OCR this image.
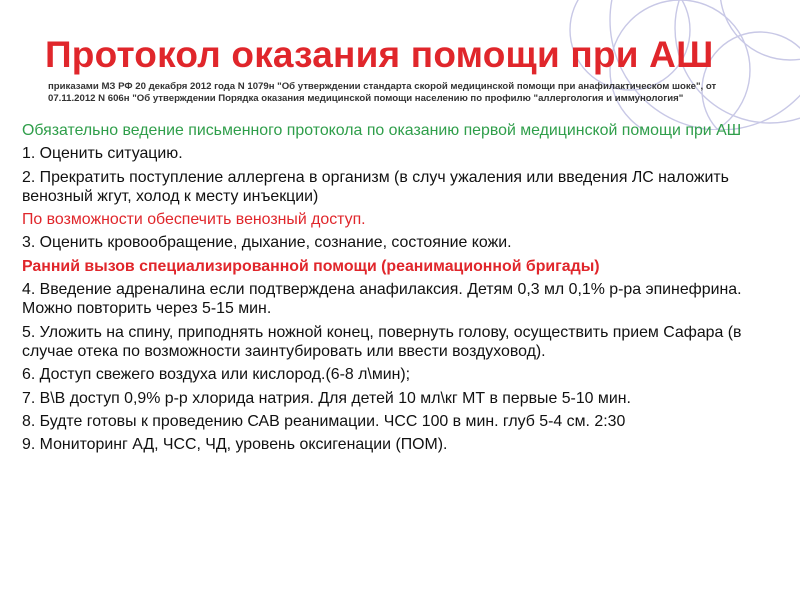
Протокол оказания помощи при АШ
приказами МЗ РФ 20 декабря 2012 года N 1079н "Об утверждении стандарта скорой медицинской помощи при анафилактическом шоке", от 07.11.2012 N 606н "Об утверждении Порядка оказания медицинской помощи населению по профилю "аллергология и иммунология"

Обязательно ведение письменного протокола по оказанию первой медицинской помощи при АШ

1. Оценить ситуацию.

2. Прекратить поступление аллергена в организм (в случ ужаления или введения ЛС наложить венозный жгут, холод к месту инъекции)

По возможности обеспечить венозный доступ.

3. Оценить кровообращение, дыхание, сознание, состояние кожи.

Ранний вызов специализированной помощи (реанимационной бригады)

4. Введение адреналина если подтверждена анафилаксия. Детям 0,3 мл 0,1% р-ра эпинефрина. Можно повторить через 5-15 мин.

5. Уложить на спину, приподнять ножной конец, повернуть голову, осуществить прием Сафара (в случае отека по возможности заинтубировать или ввести воздуховод).

6. Доступ свежего воздуха или кислород.(6-8 л\мин);

7. В\В доступ 0,9% р-р хлорида натрия. Для детей 10 мл\кг МТ в первые 5-10 мин.

8. Будте готовы к проведению САВ реанимации. ЧСС 100 в мин. глуб 5-4 см. 2:30

9. Мониторинг АД, ЧСС, ЧД, уровень оксигенации (ПОМ).
